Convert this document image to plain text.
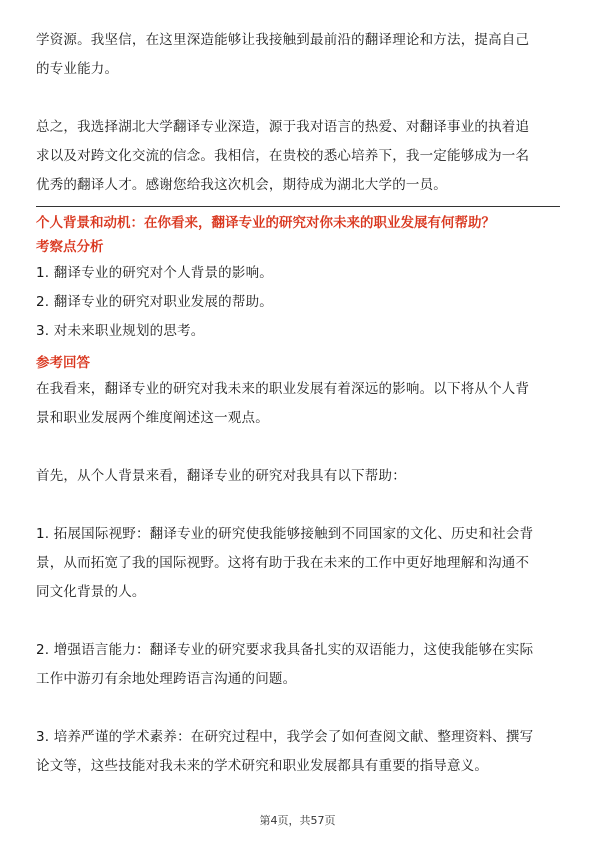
学资源。我坚信，在这里深造能够让我接触到最前沿的翻译理论和方法，提高自己

的专业能力。

总之，我选择湖北大学翻译专业深造，源于我对语言的热爱、对翻译事业的执着追

求以及对跨文化交流的信念。我相信，在贵校的悉心培养下，我一定能够成为一名

优秀的翻译人才。感谢您给我这次机会，期待成为湖北大学的一员。

个人背景和动机：在你看来，翻译专业的研究对你未来的职业发展有何帮助？
考察点分析

1. 翻译专业的研究对个人背景的影响。

2. 翻译专业的研究对职业发展的帮助。

3. 对未来职业规划的思考。

参考回答

在我看来，翻译专业的研究对我未来的职业发展有着深远的影响。以下将从个人背

景和职业发展两个维度阐述这一观点。

首先，从个人背景来看，翻译专业的研究对我具有以下帮助：

1. 拓展国际视野：翻译专业的研究使我能够接触到不同国家的文化、历史和社会背

景，从而拓宽了我的国际视野。这将有助于我在未来的工作中更好地理解和沟通不

同文化背景的人。

2. 增强语言能力：翻译专业的研究要求我具备扎实的双语能力，这使我能够在实际

工作中游刃有余地处理跨语言沟通的问题。

3. 培养严谨的学术素养：在研究过程中，我学会了如何查阅文献、整理资料、撰写

论文等，这些技能对我未来的学术研究和职业发展都具有重要的指导意义。

第4页，共57页
